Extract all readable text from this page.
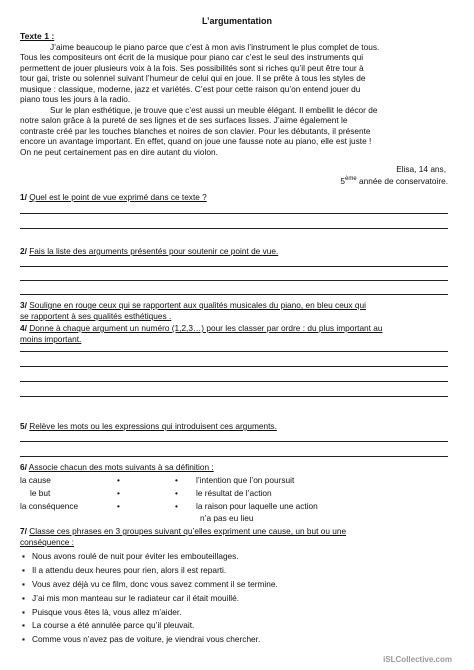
L’argumentation
Texte 1 :
J’aime beaucoup le piano parce que c’est à mon avis l’instrument le plus complet de tous.
Tous les compositeurs ont écrit de la musique pour piano car c’est le seul des instruments qui
permettent de jouer plusieurs voix à la fois. Ses possibilités sont si riches qu’il peut être tour à
tour gai, triste ou solennel suivant l’humeur de celui qui en joue. Il se prête à tous les styles de
musique : classique, moderne, jazz et variétés. C’est pour cette raison qu’on entend jouer du
piano tous les jours à la radio.
Sur le plan esthétique, je trouve que c’est aussi un meuble élégant. Il embellit le décor de
notre salon grâce à la pureté de ses lignes et de ses surfaces lisses. J’aime également le
contraste créé par les touches blanches et noires de son clavier. Pour les débutants, il présente
encore un avantage important. En effet, quand on joue une fausse note au piano, elle est juste !
On ne peut certainement pas en dire autant du violon.
Elisa, 14 ans,
5ème année de conservatoire.
1/ Quel est le point de vue exprimé dans ce texte ?
2/ Fais la liste des arguments présentés pour soutenir ce point de vue.
3/ Souligne en rouge ceux qui se rapportent aux qualités musicales du piano, en bleu ceux qui
se rapportent à ses qualités esthétiques .
4/ Donne à chaque argument un numéro (1,2,3…) pour les classer par ordre : du plus important au
moins important.
5/ Relève les mots ou les expressions qui introduisent ces arguments.
6/ Associe chacun des mots suivants à sa définition :
la cause
le but
la conséquence
•
•
•
•
•
•
l’intention que l’on poursuit
le résultat de l’action
la raison pour laquelle une action
n’a pas eu lieu
7/ Classe ces phrases en 3 groupes suivant qu’elles expriment une cause, un but ou une
conséquence :
▪ Nous avons roulé de nuit pour éviter les embouteillages.
▪ Il a attendu deux heures pour rien, alors il est reparti.
▪ Vous avez déjà vu ce film, donc vous savez comment il se termine.
▪ J’ai mis mon manteau sur le radiateur car il était mouillé.
▪ Puisque vous êtes là, vous allez m’aider.
▪ La course a été annulée parce qu’il pleuvait.
▪ Comme vous n’avez pas de voiture, je viendrai vous chercher.
iSLCollective.com
